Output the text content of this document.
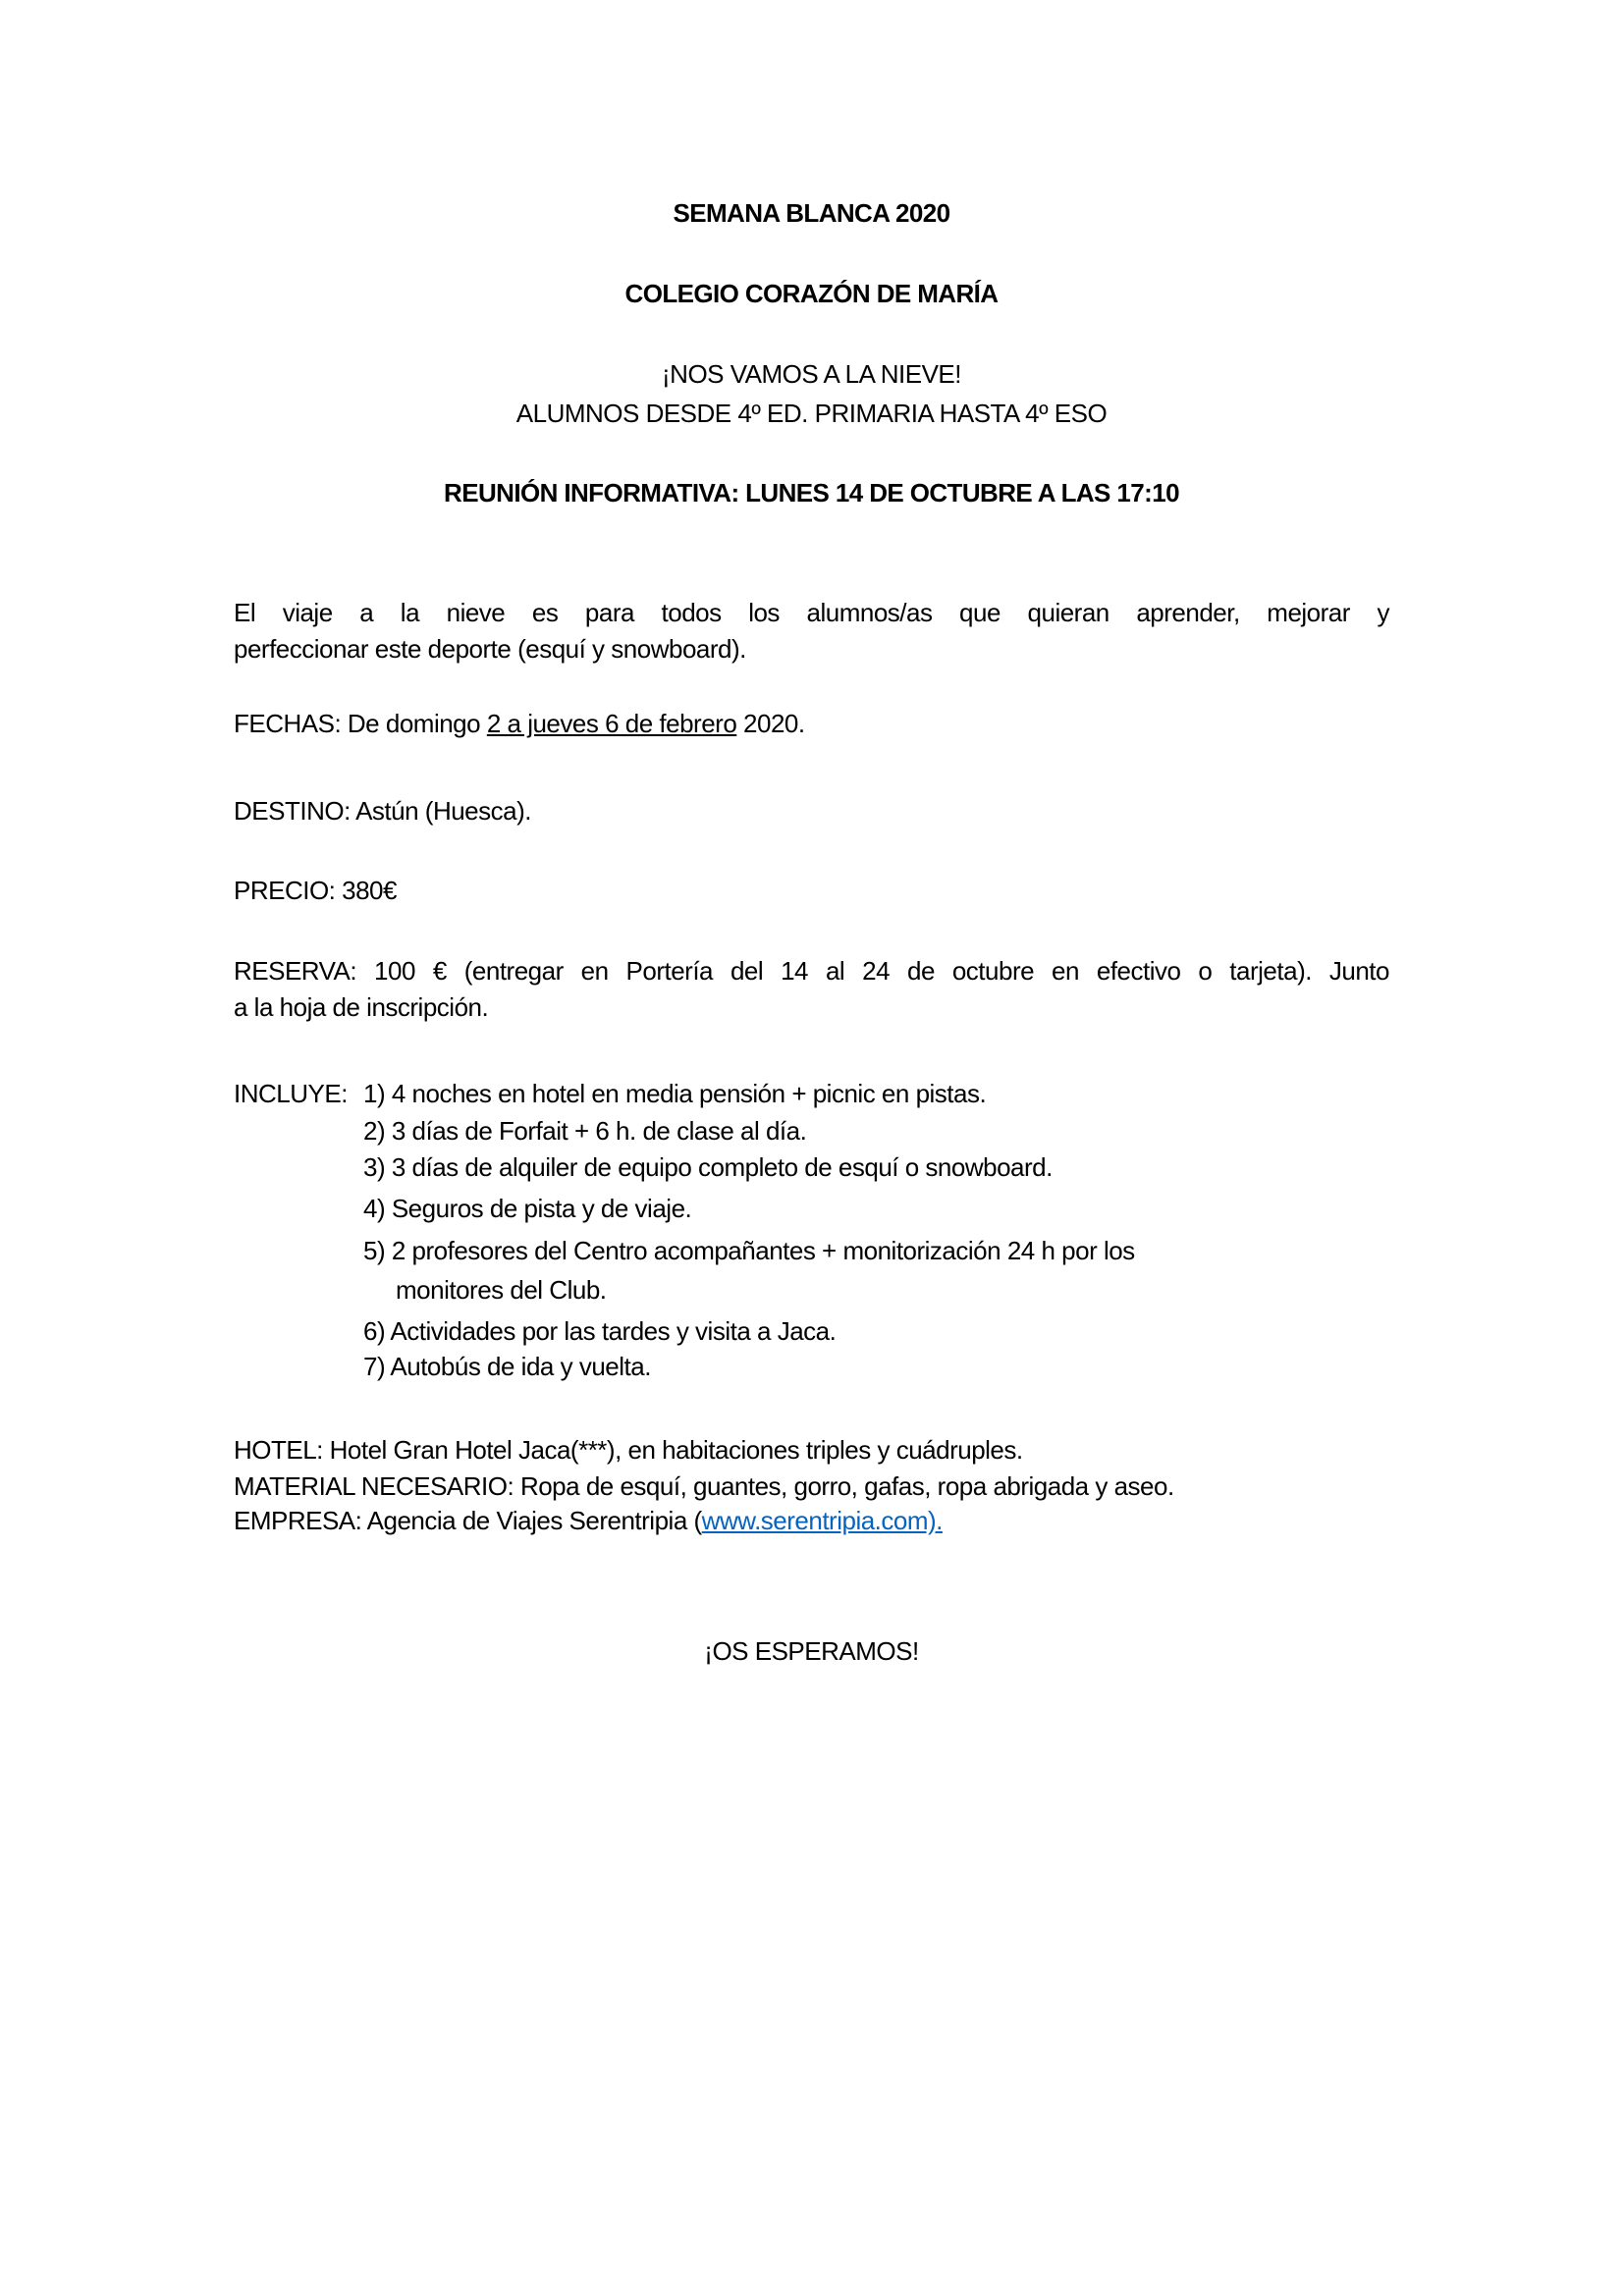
SEMANA BLANCA 2020
COLEGIO CORAZÓN DE MARÍA
¡NOS VAMOS A LA NIEVE!
ALUMNOS DESDE 4º ED. PRIMARIA HASTA 4º ESO
REUNIÓN INFORMATIVA: LUNES 14 DE OCTUBRE A LAS 17:10
El viaje a la nieve es para todos los alumnos/as que quieran aprender, mejorar y
perfeccionar este deporte (esquí y snowboard).
FECHAS: De domingo 2 a jueves 6 de febrero 2020.
DESTINO: Astún (Huesca).
PRECIO: 380€
RESERVA: 100 € (entregar en Portería del 14 al 24 de octubre en efectivo o tarjeta). Junto
a la hoja de inscripción.
INCLUYE: 1) 4 noches en hotel en media pensión + picnic en pistas.
2) 3 días de Forfait + 6 h. de clase al día.
3) 3 días de alquiler de equipo completo de esquí o snowboard.
4) Seguros de pista y de viaje.
5) 2 profesores del Centro acompañantes + monitorización 24 h por los
monitores del Club.
6) Actividades por las tardes y visita a Jaca.
7) Autobús de ida y vuelta.
HOTEL: Hotel Gran Hotel Jaca(***), en habitaciones triples y cuádruples.
MATERIAL NECESARIO: Ropa de esquí, guantes, gorro, gafas, ropa abrigada y aseo.
EMPRESA: Agencia de Viajes Serentripia (www.serentripia.com).
¡OS ESPERAMOS!
